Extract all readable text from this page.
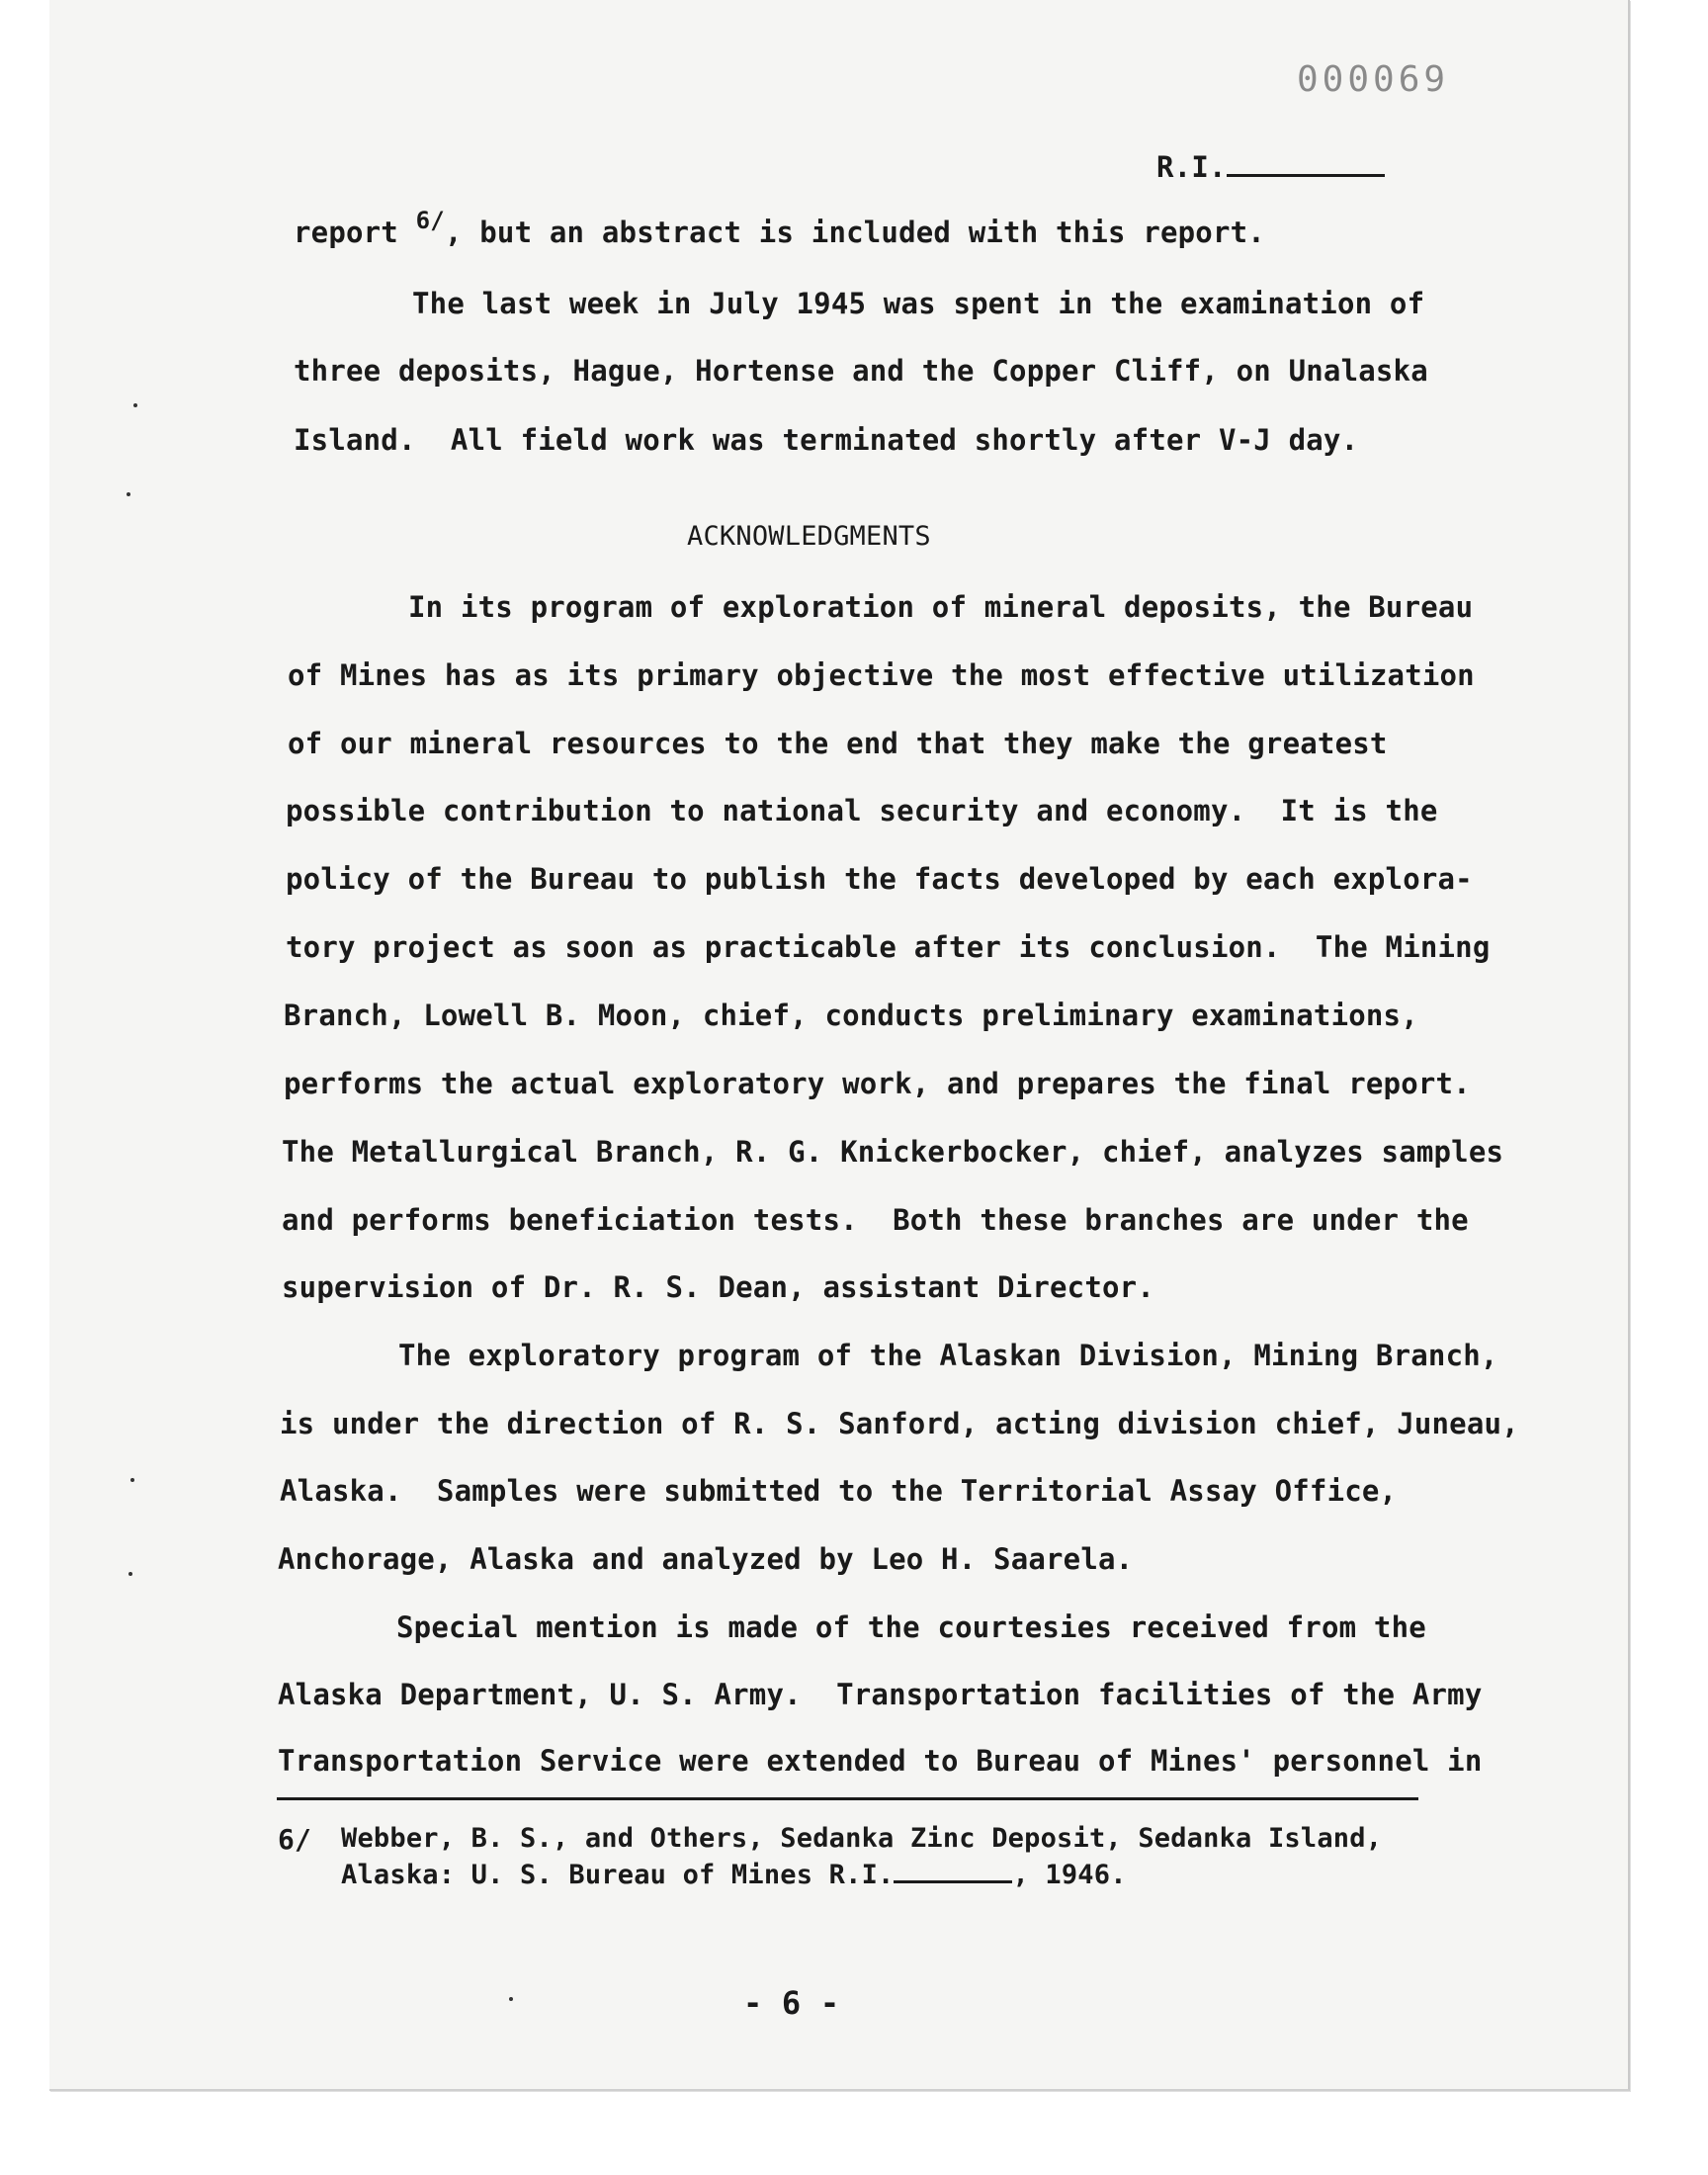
000069
R.I.
report $^{6/}$, but an abstract is included with this report.
The last week in July 1945 was spent in the examination of
three deposits, Hague, Hortense and the Copper Cliff, on Unalaska
Island.  All field work was terminated shortly after V-J day.
ACKNOWLEDGMENTS
In its program of exploration of mineral deposits, the Bureau
of Mines has as its primary objective the most effective utilization
of our mineral resources to the end that they make the greatest
possible contribution to national security and economy.  It is the
policy of the Bureau to publish the facts developed by each explora-
tory project as soon as practicable after its conclusion.  The Mining
Branch, Lowell B. Moon, chief, conducts preliminary examinations,
performs the actual exploratory work, and prepares the final report.
The Metallurgical Branch, R. G. Knickerbocker, chief, analyzes samples
and performs beneficiation tests.  Both these branches are under the
supervision of Dr. R. S. Dean, assistant Director.
The exploratory program of the Alaskan Division, Mining Branch,
is under the direction of R. S. Sanford, acting division chief, Juneau,
Alaska.  Samples were submitted to the Territorial Assay Office,
Anchorage, Alaska and analyzed by Leo H. Saarela.
Special mention is made of the courtesies received from the
Alaska Department, U. S. Army.  Transportation facilities of the Army
Transportation Service were extended to Bureau of Mines' personnel in
6/ Webber, B. S., and Others, Sedanka Zinc Deposit, Sedanka Island,
Alaska: U. S. Bureau of Mines R.I.	, 1946.
- 6 -
